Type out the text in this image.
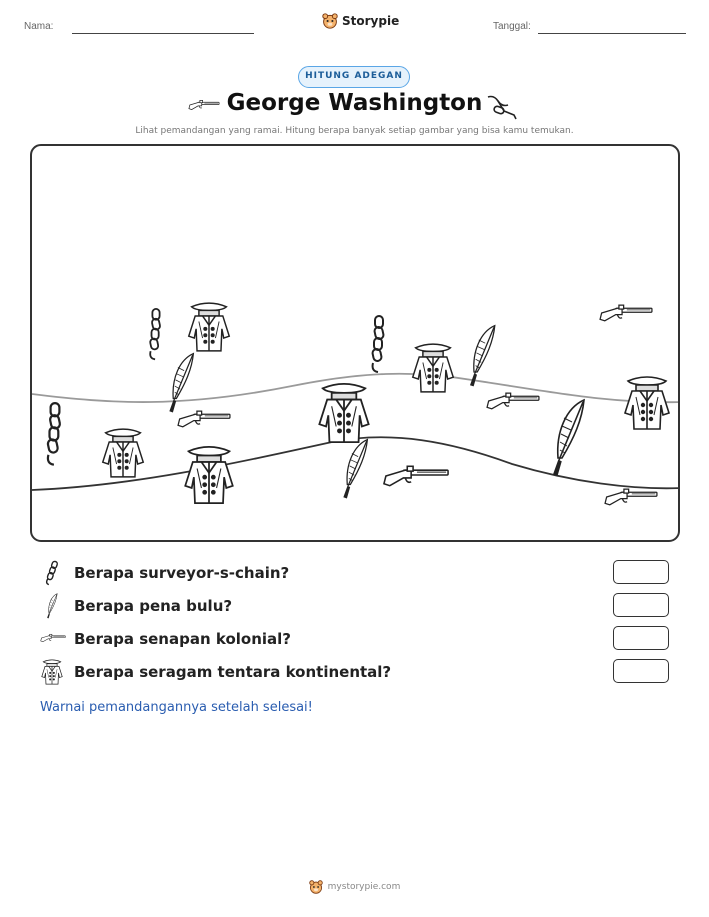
Nama:	Storypie	Tanggal:
HITUNG ADEGAN
George Washington
Lihat pemandangan yang ramai. Hitung berapa banyak setiap gambar yang bisa kamu temukan.
Berapa surveyor-s-chain?
Berapa pena bulu?
Berapa senapan kolonial?
Berapa seragam tentara kontinental?
Warnai pemandangannya setelah selesai!
mystorypie.com
